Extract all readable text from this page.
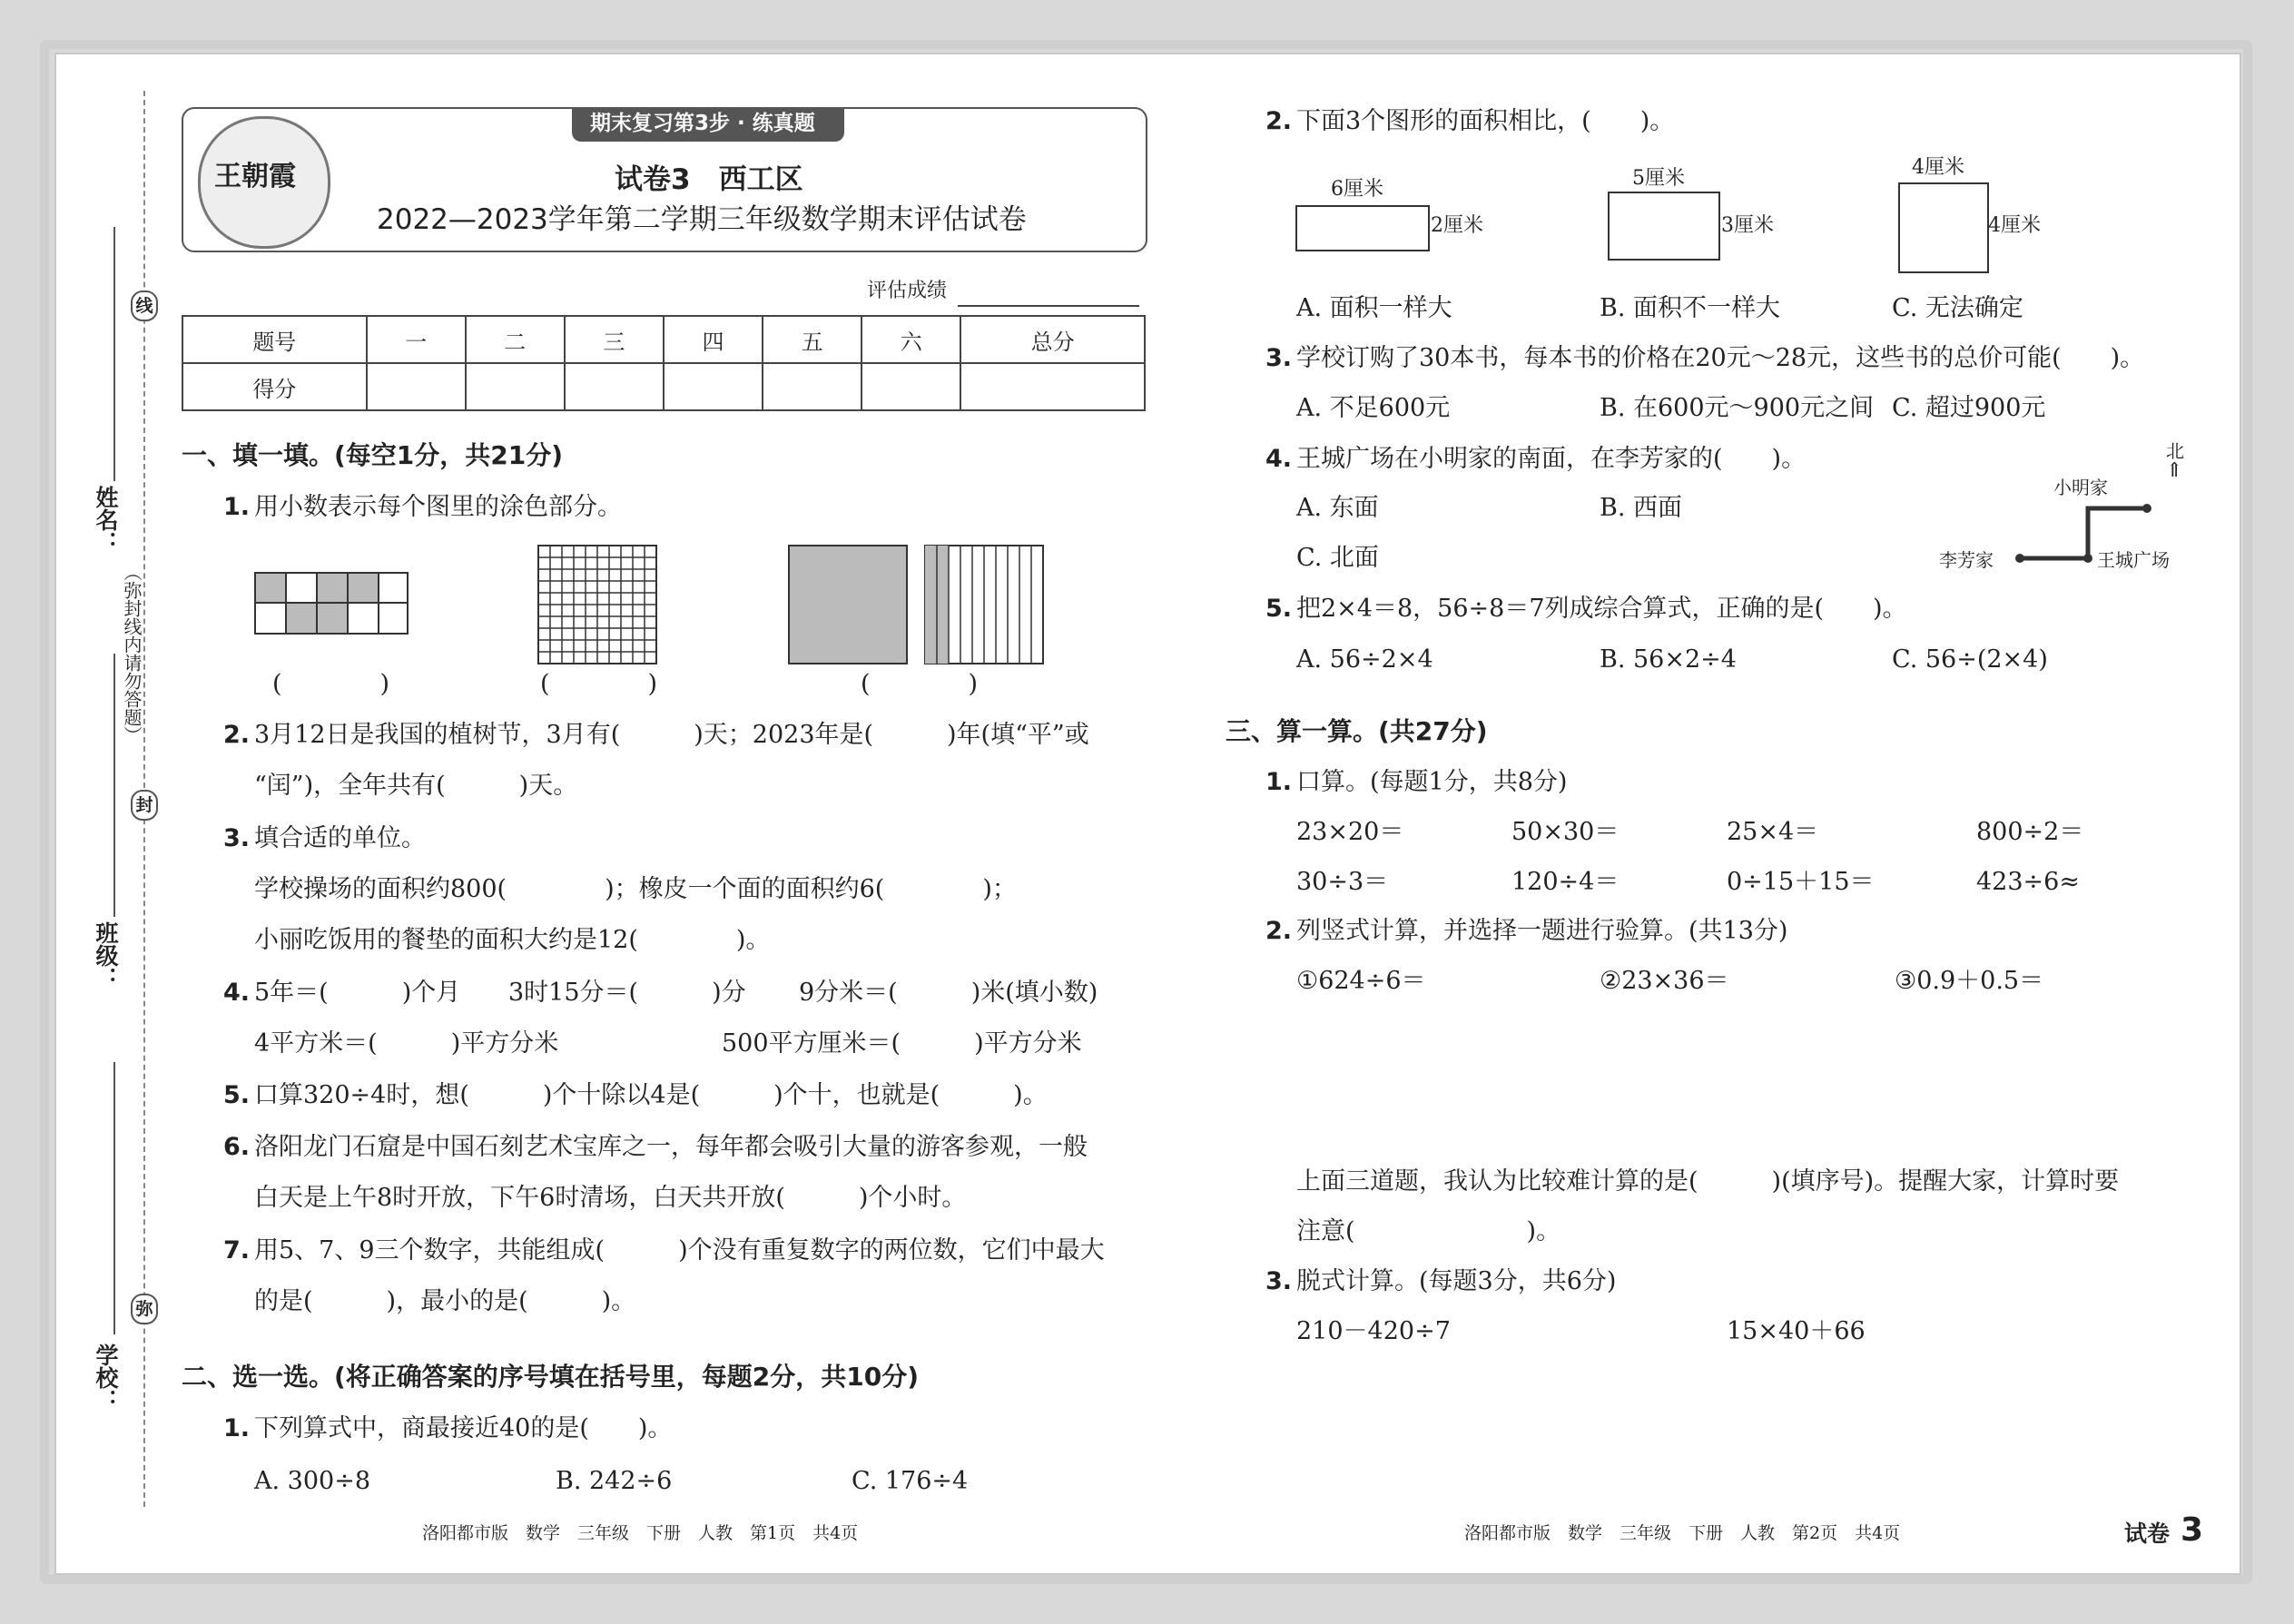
线
封
弥
（弥封线内请勿答题）
姓名：
班级：
学校：
王朝霞
期末复习第3步 · 练真题
试卷3　西工区
2022—2023学年第二学期三年级数学期末评估试卷
评估成绩
题号	一	二	三	四	五	六	总分
得分							
一、填一填。(每空1分，共21分)
1. 用小数表示每个图里的涂色部分。
(　　　　)	(　　　　)	(　　　　)
2. 3月12日是我国的植树节，3月有(　　　)天；2023年是(　　　)年(填“平”或
“闰”)，全年共有(　　　)天。
3. 填合适的单位。
学校操场的面积约800(　　　　)；橡皮一个面的面积约6(　　　　)；
小丽吃饭用的餐垫的面积大约是12(　　　　)。
4. 5年＝(　　　)个月 3时15分＝(　　　)分 9分米＝(　　　)米(填小数)
4平方米＝(　　　)平方分米	500平方厘米＝(　　　)平方分米
5. 口算320÷4时，想(　　　)个十除以4是(　　　)个十，也就是(　　　)。
6. 洛阳龙门石窟是中国石刻艺术宝库之一，每年都会吸引大量的游客参观，一般
白天是上午8时开放，下午6时清场，白天共开放(　　　)个小时。
7. 用5、7、9三个数字，共能组成(　　　)个没有重复数字的两位数，它们中最大
的是(　　　)，最小的是(　　　)。
二、选一选。(将正确答案的序号填在括号里，每题2分，共10分)
1. 下列算式中，商最接近40的是(　　)。
A. 300÷8	B. 242÷6	C. 176÷4
洛阳都市版　数学　三年级　下册　人教　第1页　共4页
2. 下面3个图形的面积相比，(　　)。
6厘米
2厘米
5厘米
3厘米
4厘米
4厘米
A. 面积一样大	B. 面积不一样大	C. 无法确定
3. 学校订购了30本书，每本书的价格在20元～28元，这些书的总价可能(　　)。
A. 不足600元	B. 在600元～900元之间 C. 超过900元
4. 王城广场在小明家的南面，在李芳家的(　　)。
A. 东面	B. 西面
C. 北面
北
⇑
小明家
李芳家	王城广场
5. 把2×4＝8，56÷8＝7列成综合算式，正确的是(　　)。
A. 56÷2×4	B. 56×2÷4	C. 56÷(2×4)
三、算一算。(共27分)
1. 口算。(每题1分，共8分)
23×20＝	50×30＝	25×4＝	800÷2＝
30÷3＝	120÷4＝	0÷15＋15＝	423÷6≈
2. 列竖式计算，并选择一题进行验算。(共13分)
①624÷6＝	②23×36＝	③0.9＋0.5＝
上面三道题，我认为比较难计算的是(　　　)(填序号)。提醒大家，计算时要
注意(　　　　　　　)。
3. 脱式计算。(每题3分，共6分)
210－420÷7	15×40＋66
洛阳都市版　数学　三年级　下册　人教　第2页　共4页	试卷 3
